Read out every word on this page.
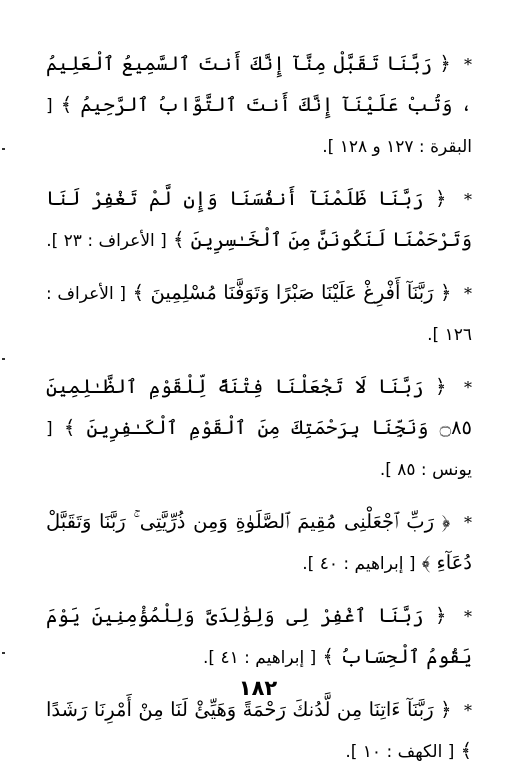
* ﴿ رَبَّنَا تَقَبَّلْ مِنَّآ إِنَّكَ أَنتَ ٱلسَّمِيعُ ٱلْعَلِيمُ ، وَتُبْ عَلَيْنَآ إِنَّكَ أَنتَ ٱلتَّوَّابُ ٱلرَّحِيمُ ﴾ [ البقرة : ١٢٧ و ١٢٨ ].
* ﴿ رَبَّنَا ظَلَمْنَآ أَنفُسَنَا وَإِن لَّمْ تَغْفِرْ لَنَا وَتَرْحَمْنَا لَنَكُونَنَّ مِنَ ٱلْخَـٰسِرِينَ ﴾ [ الأعراف : ٢٣ ].
* ﴿ رَبَّنَآ أَفْرِغْ عَلَيْنَا صَبْرًا وَتَوَفَّنَا مُسْلِمِينَ ﴾ [ الأعراف : ١٢٦ ].
* ﴿ رَبَّنَا لَا تَجْعَلْنَا فِتْنَةً لِّلْقَوْمِ ٱلظَّـٰلِمِينَ ۝٨٥ وَنَجِّنَا بِرَحْمَتِكَ مِنَ ٱلْقَوْمِ ٱلْكَـٰفِرِينَ ﴾ [ يونس : ٨٥ ].
* ﴿ رَبِّ ٱجْعَلْنِى مُقِيمَ ٱلصَّلَوٰةِ وَمِن ذُرِّيَّتِى ۚ رَبَّنَا وَتَقَبَّلْ دُعَآءِ ﴾ [ إبراهيم : ٤٠ ].
* ﴿ رَبَّنَا ٱغْفِرْ لِى وَلِوَٰلِدَىَّ وَلِلْمُؤْمِنِينَ يَوْمَ يَقُومُ ٱلْحِسَابُ ﴾ [ إبراهيم : ٤١ ].
* ﴿ رَبَّنَآ ءَاتِنَا مِن لَّدُنكَ رَحْمَةً وَهَيِّئْ لَنَا مِنْ أَمْرِنَا رَشَدًا ﴾ [ الكهف : ١٠ ].
١٨٢
